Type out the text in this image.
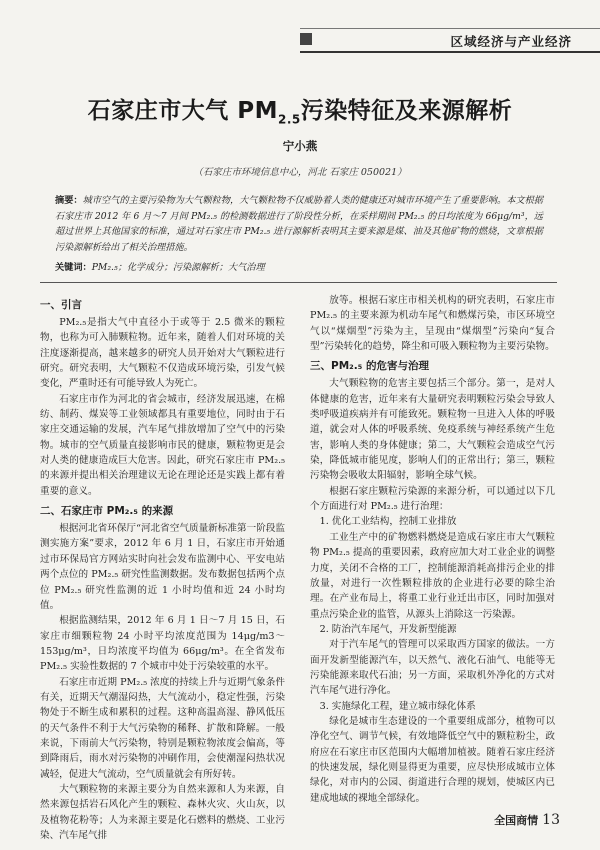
区域经济与产业经济
石家庄市大气 $PM_{2.5}$污染特征及来源解析
宁小燕
（石家庄市环境信息中心，河北 石家庄 050021）
摘要：城市空气的主要污染物为大气颗粒物，大气颗粒物不仅威胁着人类的健康还对城市环境产生了重要影响。本文根据石家庄市 2012 年 6 月～7 月间 PM₂.₅ 的检测数据进行了阶段性分析，在采样期间 PM₂.₅ 的日均浓度为 66μg/m³，远超过世界上其他国家的标准，通过对石家庄市 PM₂.₅ 进行源解析表明其主要来源是煤、油及其他矿物的燃烧，文章根据污染源解析给出了相关治理措施。
关键词：PM₂.₅；化学成分；污染源解析；大气治理
一、引言

PM₂.₅是指大气中直径小于或等于 2.5 微米的颗粒物，也称为可入肺颗粒物。近年来，随着人们对环境的关注度逐渐提高，越来越多的研究人员开始对大气颗粒进行研究。研究表明，大气颗粒不仅造成环境污染，引发气候变化，严重时还有可能导致人为死亡。

石家庄市作为河北的省会城市，经济发展迅速，在棉纺、制药、煤炭等工业领域都具有重要地位，同时由于石家庄交通运输的发展，汽车尾气排放增加了空气中的污染物。城市的空气质量直接影响市民的健康，颗粒物更是会对人类的健康造成巨大危害。因此，研究石家庄市 PM₂.₅ 的来源并提出相关治理建议无论在理论还是实践上都有着重要的意义。

二、石家庄市 PM₂.₅ 的来源

根据河北省环保厅“河北省空气质量新标准第一阶段监测实施方案”要求，2012 年 6 月 1 日，石家庄市开始通过市环保局官方网站实时向社会发布监测中心、平安电站两个点位的 PM₂.₅ 研究性监测数据。发布数据包括两个点位 PM₂.₅ 研究性监测的近 1 小时均值和近 24 小时均值。

根据监测结果，2012 年 6 月 1 日～7 月 15 日，石家庄市细颗粒物 24 小时平均浓度范围为 14μg/m3～153μg/m³，日均浓度平均值为 66μg/m³。在全省发布 PM₂.₅ 实验性数据的 7 个城市中处于污染较重的水平。

石家庄市近期 PM₂.₅ 浓度的持续上升与近期气象条件有关，近期天气潮湿闷热，大气流动小，稳定性强，污染物处于不断生成和累积的过程。这种高温高湿、静风低压的天气条件不利于大气污染物的稀释、扩散和降解。一般来说，下雨前大气污染物，特别是颗粒物浓度会偏高，等到降雨后，雨水对污染物的冲刷作用，会使潮湿闷热状况减轻，促进大气流动，空气质量就会有所好转。

大气颗粒物的来源主要分为自然来源和人为来源，自然来源包括岩石风化产生的颗粒、森林火灾、火山灰，以及植物花粉等；人为来源主要是化石燃料的燃烧、工业污染、汽车尾气排

放等。根据石家庄市相关机构的研究表明，石家庄市 PM₂.₅ 的主要来源为机动车尾气和燃煤污染，市区环境空气以“煤烟型”污染为主，呈现由“煤烟型”污染向“复合型”污染转化的趋势，降尘和可吸入颗粒物为主要污染物。

三、PM₂.₅ 的危害与治理

大气颗粒物的危害主要包括三个部分。第一，是对人体健康的危害，近年来有大量研究表明颗粒污染会导致人类呼吸道疾病并有可能致死。颗粒物一旦进入人体的呼吸道，就会对人体的呼吸系统、免疫系统与神经系统产生危害，影响人类的身体健康；第二，大气颗粒会造成空气污染，降低城市能见度，影响人们的正常出行；第三，颗粒污染物会吸收太阳辐射，影响全球气候。

根据石家庄颗粒污染源的来源分析，可以通过以下几个方面进行对 PM₂.₅ 进行治理：

1. 优化工业结构，控制工业排放

工业生产中的矿物燃料燃烧是造成石家庄市大气颗粒物 PM₂.₅ 提高的重要因素，政府应加大对工业企业的调整力度，关闭不合格的工厂，控制能源消耗高排污企业的排放量，对进行一次性颗粒排放的企业进行必要的除尘治理。在产业布局上，将重工业行业迁出市区，同时加强对重点污染企业的监管，从源头上消除这一污染源。

2. 防治汽车尾气，开发新型能源

对于汽车尾气的管理可以采取西方国家的做法。一方面开发新型能源汽车，以天然气、液化石油气、电能等无污染能源来取代石油；另一方面，采取机外净化的方式对汽车尾气进行净化。

3. 实施绿化工程，建立城市绿化体系

绿化是城市生态建设的一个重要组成部分，植物可以净化空气、调节气候，有效地降低空气中的颗粒粉尘，政府应在石家庄市区范围内大幅增加植被。随着石家庄经济的快速发展，绿化则显得更为重要，应尽快形成城市立体绿化，对市内的公园、街道进行合理的规划，使城区内已建成地域的裸地全部绿化。

全国商情 13
